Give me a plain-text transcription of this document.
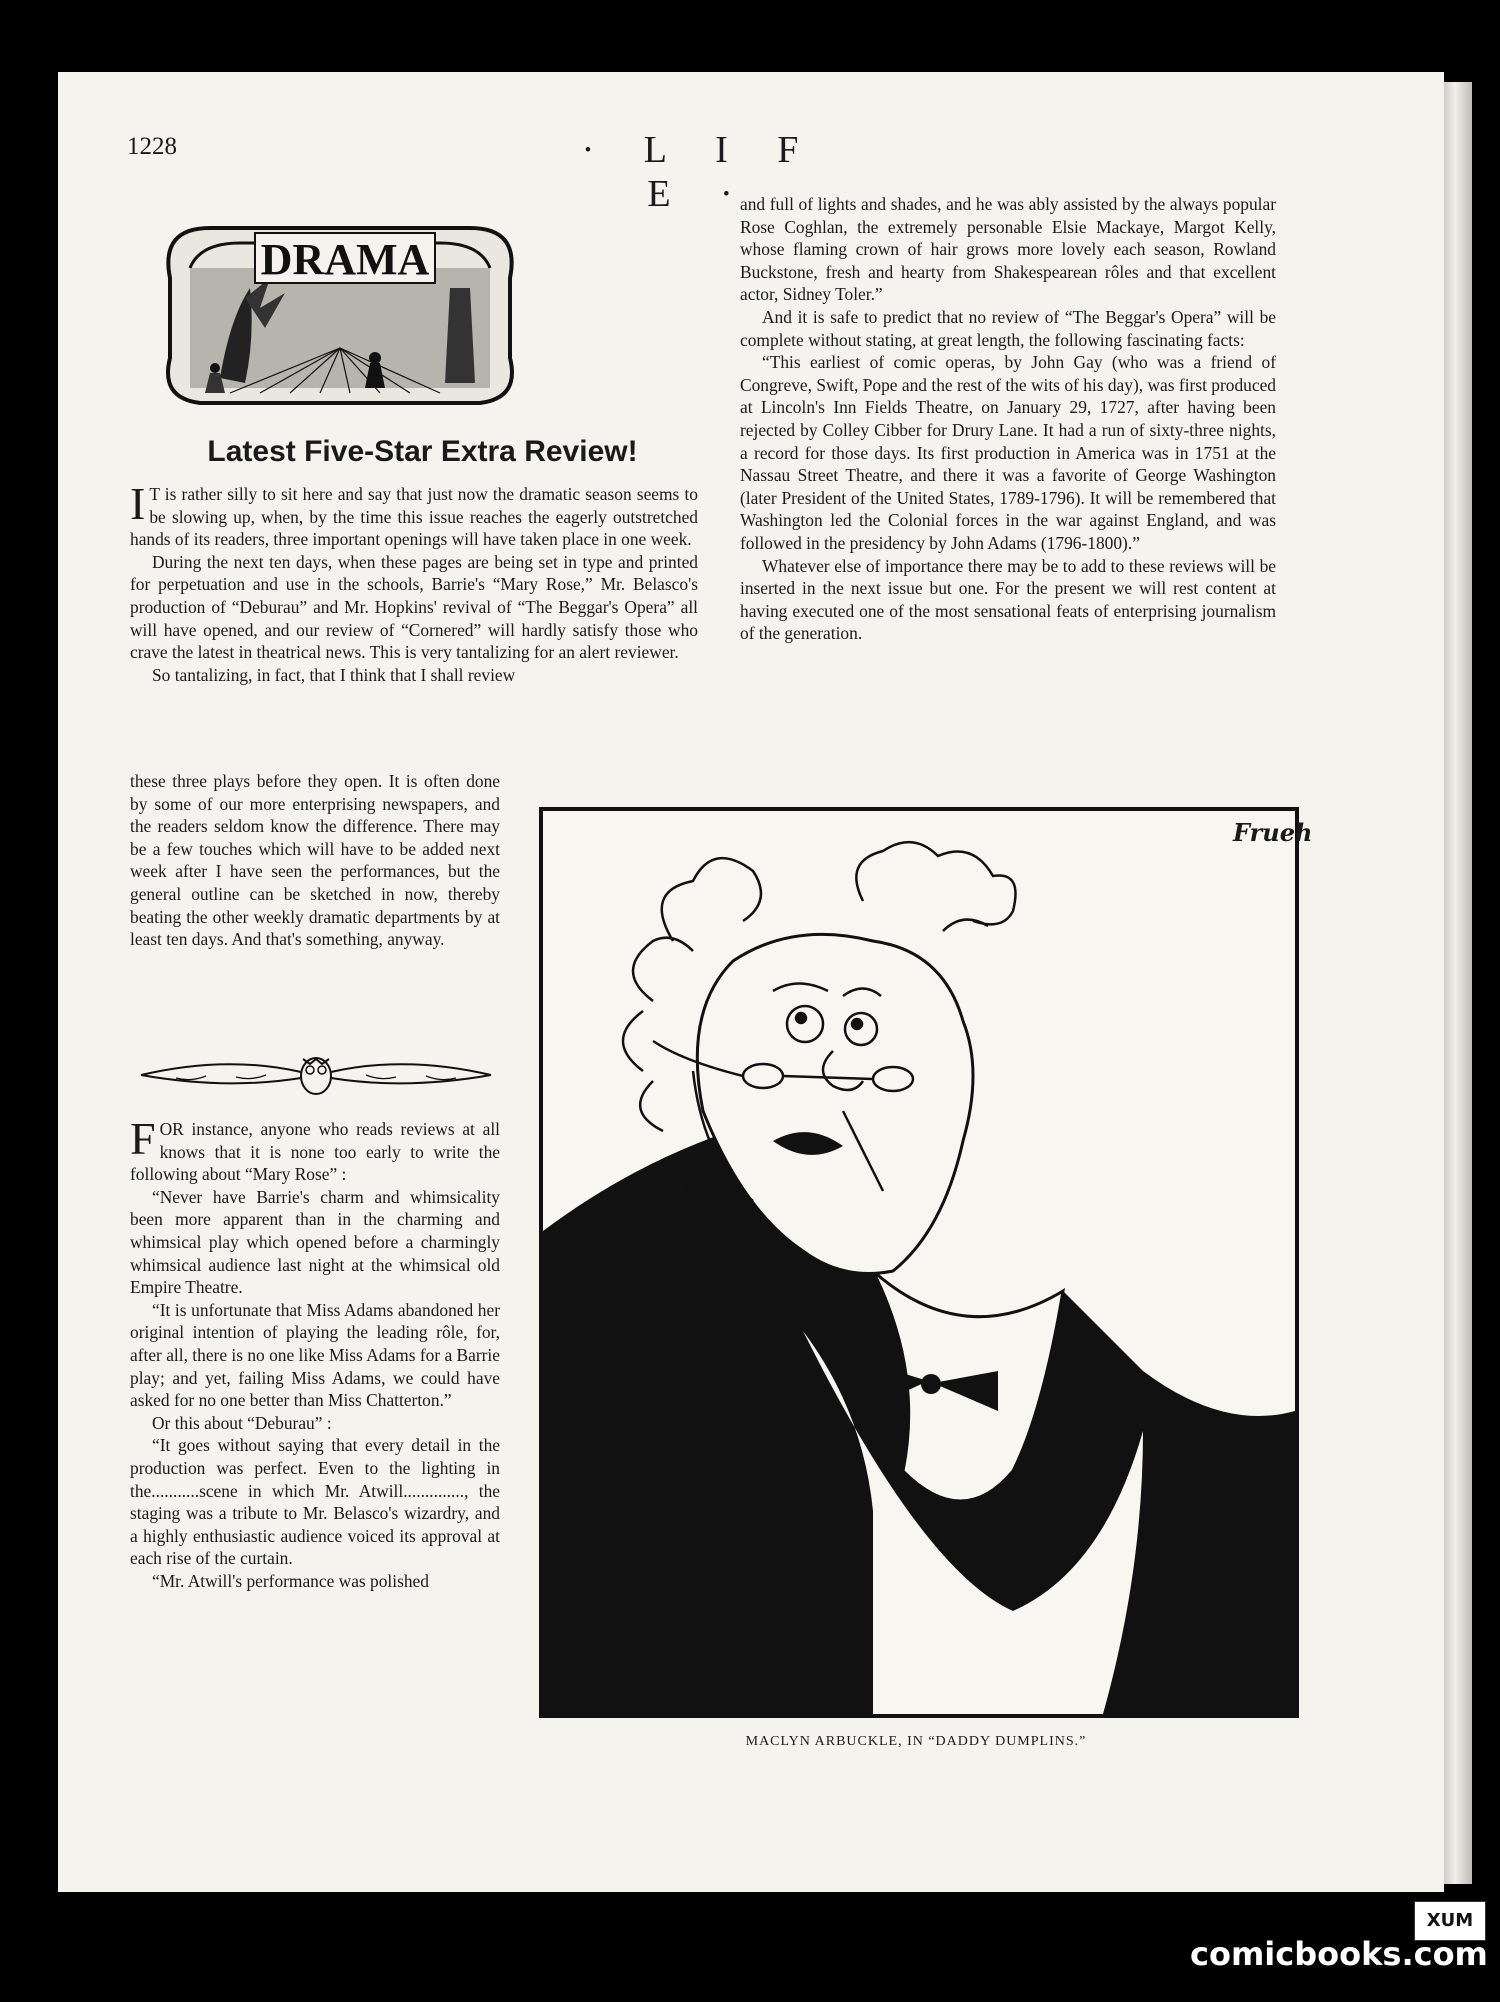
1228	· L I F E ·
DRAMA
Latest Five-Star Extra Review!

I T is rather silly to sit here and say that just now the dramatic season seems to be slowing up, when, by the time this issue reaches the eagerly outstretched hands of its readers, three important openings will have taken place in one week.

During the next ten days, when these pages are being set in type and printed for perpetuation and use in the schools, Barrie's “Mary Rose,” Mr. Belasco's production of “Deburau” and Mr. Hopkins' revival of “The Beggar's Opera” all will have opened, and our review of “Cornered” will hardly satisfy those who crave the latest in theatrical news. This is very tantalizing for an alert reviewer.

So tantalizing, in fact, that I think that I shall review

these three plays before they open. It is often done by some of our more enterprising newspapers, and the readers seldom know the difference. There may be a few touches which will have to be added next week after I have seen the performances, but the general outline can be sketched in now, thereby beating the other weekly dramatic departments by at least ten days. And that's something, anyway.

FOR instance, anyone who reads reviews at all knows that it is none too early to write the following about “Mary Rose” :

“Never have Barrie's charm and whimsicality been more apparent than in the charming and whimsical play which opened before a charmingly whimsical audience last night at the whimsical old Empire Theatre.

“It is unfortunate that Miss Adams abandoned her original intention of playing the leading rôle, for, after all, there is no one like Miss Adams for a Barrie play; and yet, failing Miss Adams, we could have asked for no one better than Miss Chatterton.”

Or this about “Deburau” :

“It goes without saying that every detail in the production was perfect. Even to the lighting in the...........scene in which Mr. Atwill.............., the staging was a tribute to Mr. Belasco's wizardry, and a highly enthusiastic audience voiced its approval at each rise of the curtain.

“Mr. Atwill's performance was polished

and full of lights and shades, and he was ably assisted by the always popular Rose Coghlan, the extremely personable Elsie Mackaye, Margot Kelly, whose flaming crown of hair grows more lovely each season, Rowland Buckstone, fresh and hearty from Shakespearean rôles and that excellent actor, Sidney Toler.”

And it is safe to predict that no review of “The Beggar's Opera” will be complete without stating, at great length, the following fascinating facts:

“This earliest of comic operas, by John Gay (who was a friend of Congreve, Swift, Pope and the rest of the wits of his day), was first produced at Lincoln's Inn Fields Theatre, on January 29, 1727, after having been rejected by Colley Cibber for Drury Lane. It had a run of sixty-three nights, a record for those days. Its first production in America was in 1751 at the Nassau Street Theatre, and there it was a favorite of George Washington (later President of the United States, 1789-1796). It will be remembered that Washington led the Colonial forces in the war against England, and was followed in the presidency by John Adams (1796-1800).”

Whatever else of importance there may be to add to these reviews will be inserted in the next issue but one. For the present we will rest content at having executed one of the most sensational feats of enterprising journalism of the generation.

Frueh
MACLYN ARBUCKLE, IN “DADDY DUMPLINS.”
XUM
comicbooks.com
